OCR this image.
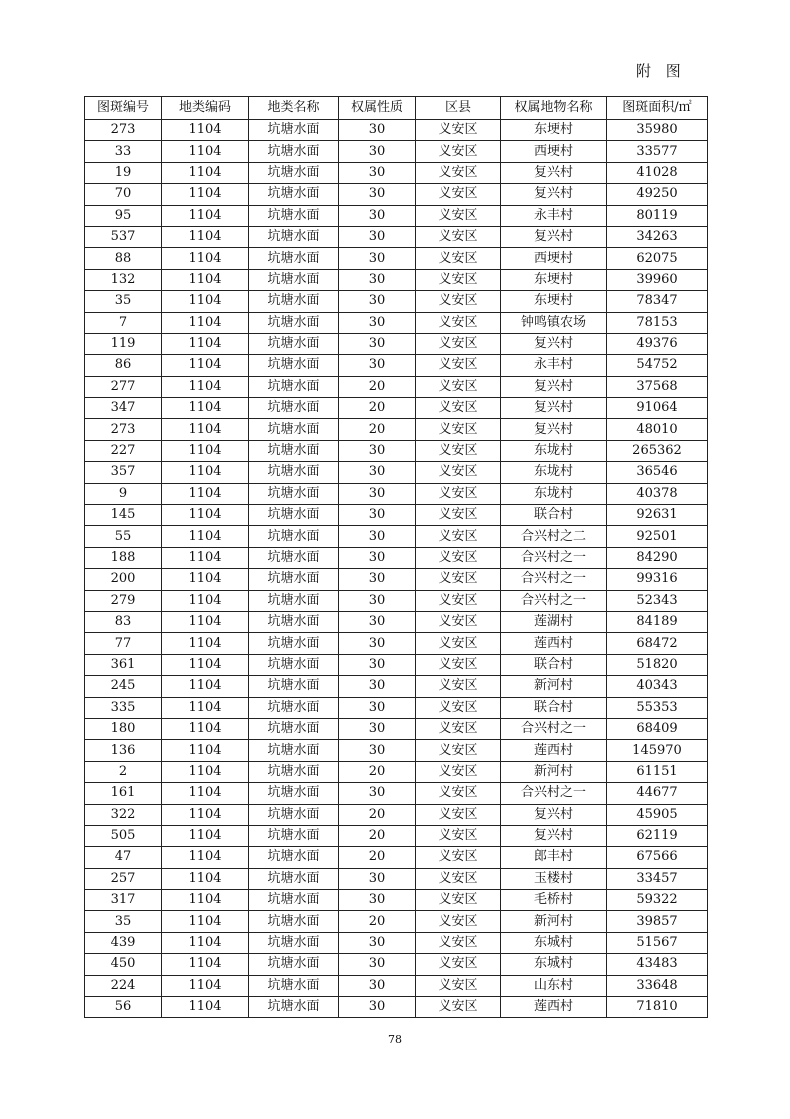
附 图
图斑编号	地类编码	地类名称	权属性质	区县	权属地物名称	图斑面积/㎡
273	1104	坑塘水面	30	义安区	东埂村	35980
33	1104	坑塘水面	30	义安区	西埂村	33577
19	1104	坑塘水面	30	义安区	复兴村	41028
70	1104	坑塘水面	30	义安区	复兴村	49250
95	1104	坑塘水面	30	义安区	永丰村	80119
537	1104	坑塘水面	30	义安区	复兴村	34263
88	1104	坑塘水面	30	义安区	西埂村	62075
132	1104	坑塘水面	30	义安区	东埂村	39960
35	1104	坑塘水面	30	义安区	东埂村	78347
7	1104	坑塘水面	30	义安区	钟鸣镇农场	78153
119	1104	坑塘水面	30	义安区	复兴村	49376
86	1104	坑塘水面	30	义安区	永丰村	54752
277	1104	坑塘水面	20	义安区	复兴村	37568
347	1104	坑塘水面	20	义安区	复兴村	91064
273	1104	坑塘水面	20	义安区	复兴村	48010
227	1104	坑塘水面	30	义安区	东垅村	265362
357	1104	坑塘水面	30	义安区	东垅村	36546
9	1104	坑塘水面	30	义安区	东垅村	40378
145	1104	坑塘水面	30	义安区	联合村	92631
55	1104	坑塘水面	30	义安区	合兴村之二	92501
188	1104	坑塘水面	30	义安区	合兴村之一	84290
200	1104	坑塘水面	30	义安区	合兴村之一	99316
279	1104	坑塘水面	30	义安区	合兴村之一	52343
83	1104	坑塘水面	30	义安区	莲湖村	84189
77	1104	坑塘水面	30	义安区	莲西村	68472
361	1104	坑塘水面	30	义安区	联合村	51820
245	1104	坑塘水面	30	义安区	新河村	40343
335	1104	坑塘水面	30	义安区	联合村	55353
180	1104	坑塘水面	30	义安区	合兴村之一	68409
136	1104	坑塘水面	30	义安区	莲西村	145970
2	1104	坑塘水面	20	义安区	新河村	61151
161	1104	坑塘水面	30	义安区	合兴村之一	44677
322	1104	坑塘水面	20	义安区	复兴村	45905
505	1104	坑塘水面	20	义安区	复兴村	62119
47	1104	坑塘水面	20	义安区	郎丰村	67566
257	1104	坑塘水面	30	义安区	玉楼村	33457
317	1104	坑塘水面	30	义安区	毛桥村	59322
35	1104	坑塘水面	20	义安区	新河村	39857
439	1104	坑塘水面	30	义安区	东城村	51567
450	1104	坑塘水面	30	义安区	东城村	43483
224	1104	坑塘水面	30	义安区	山东村	33648
56	1104	坑塘水面	30	义安区	莲西村	71810
78
